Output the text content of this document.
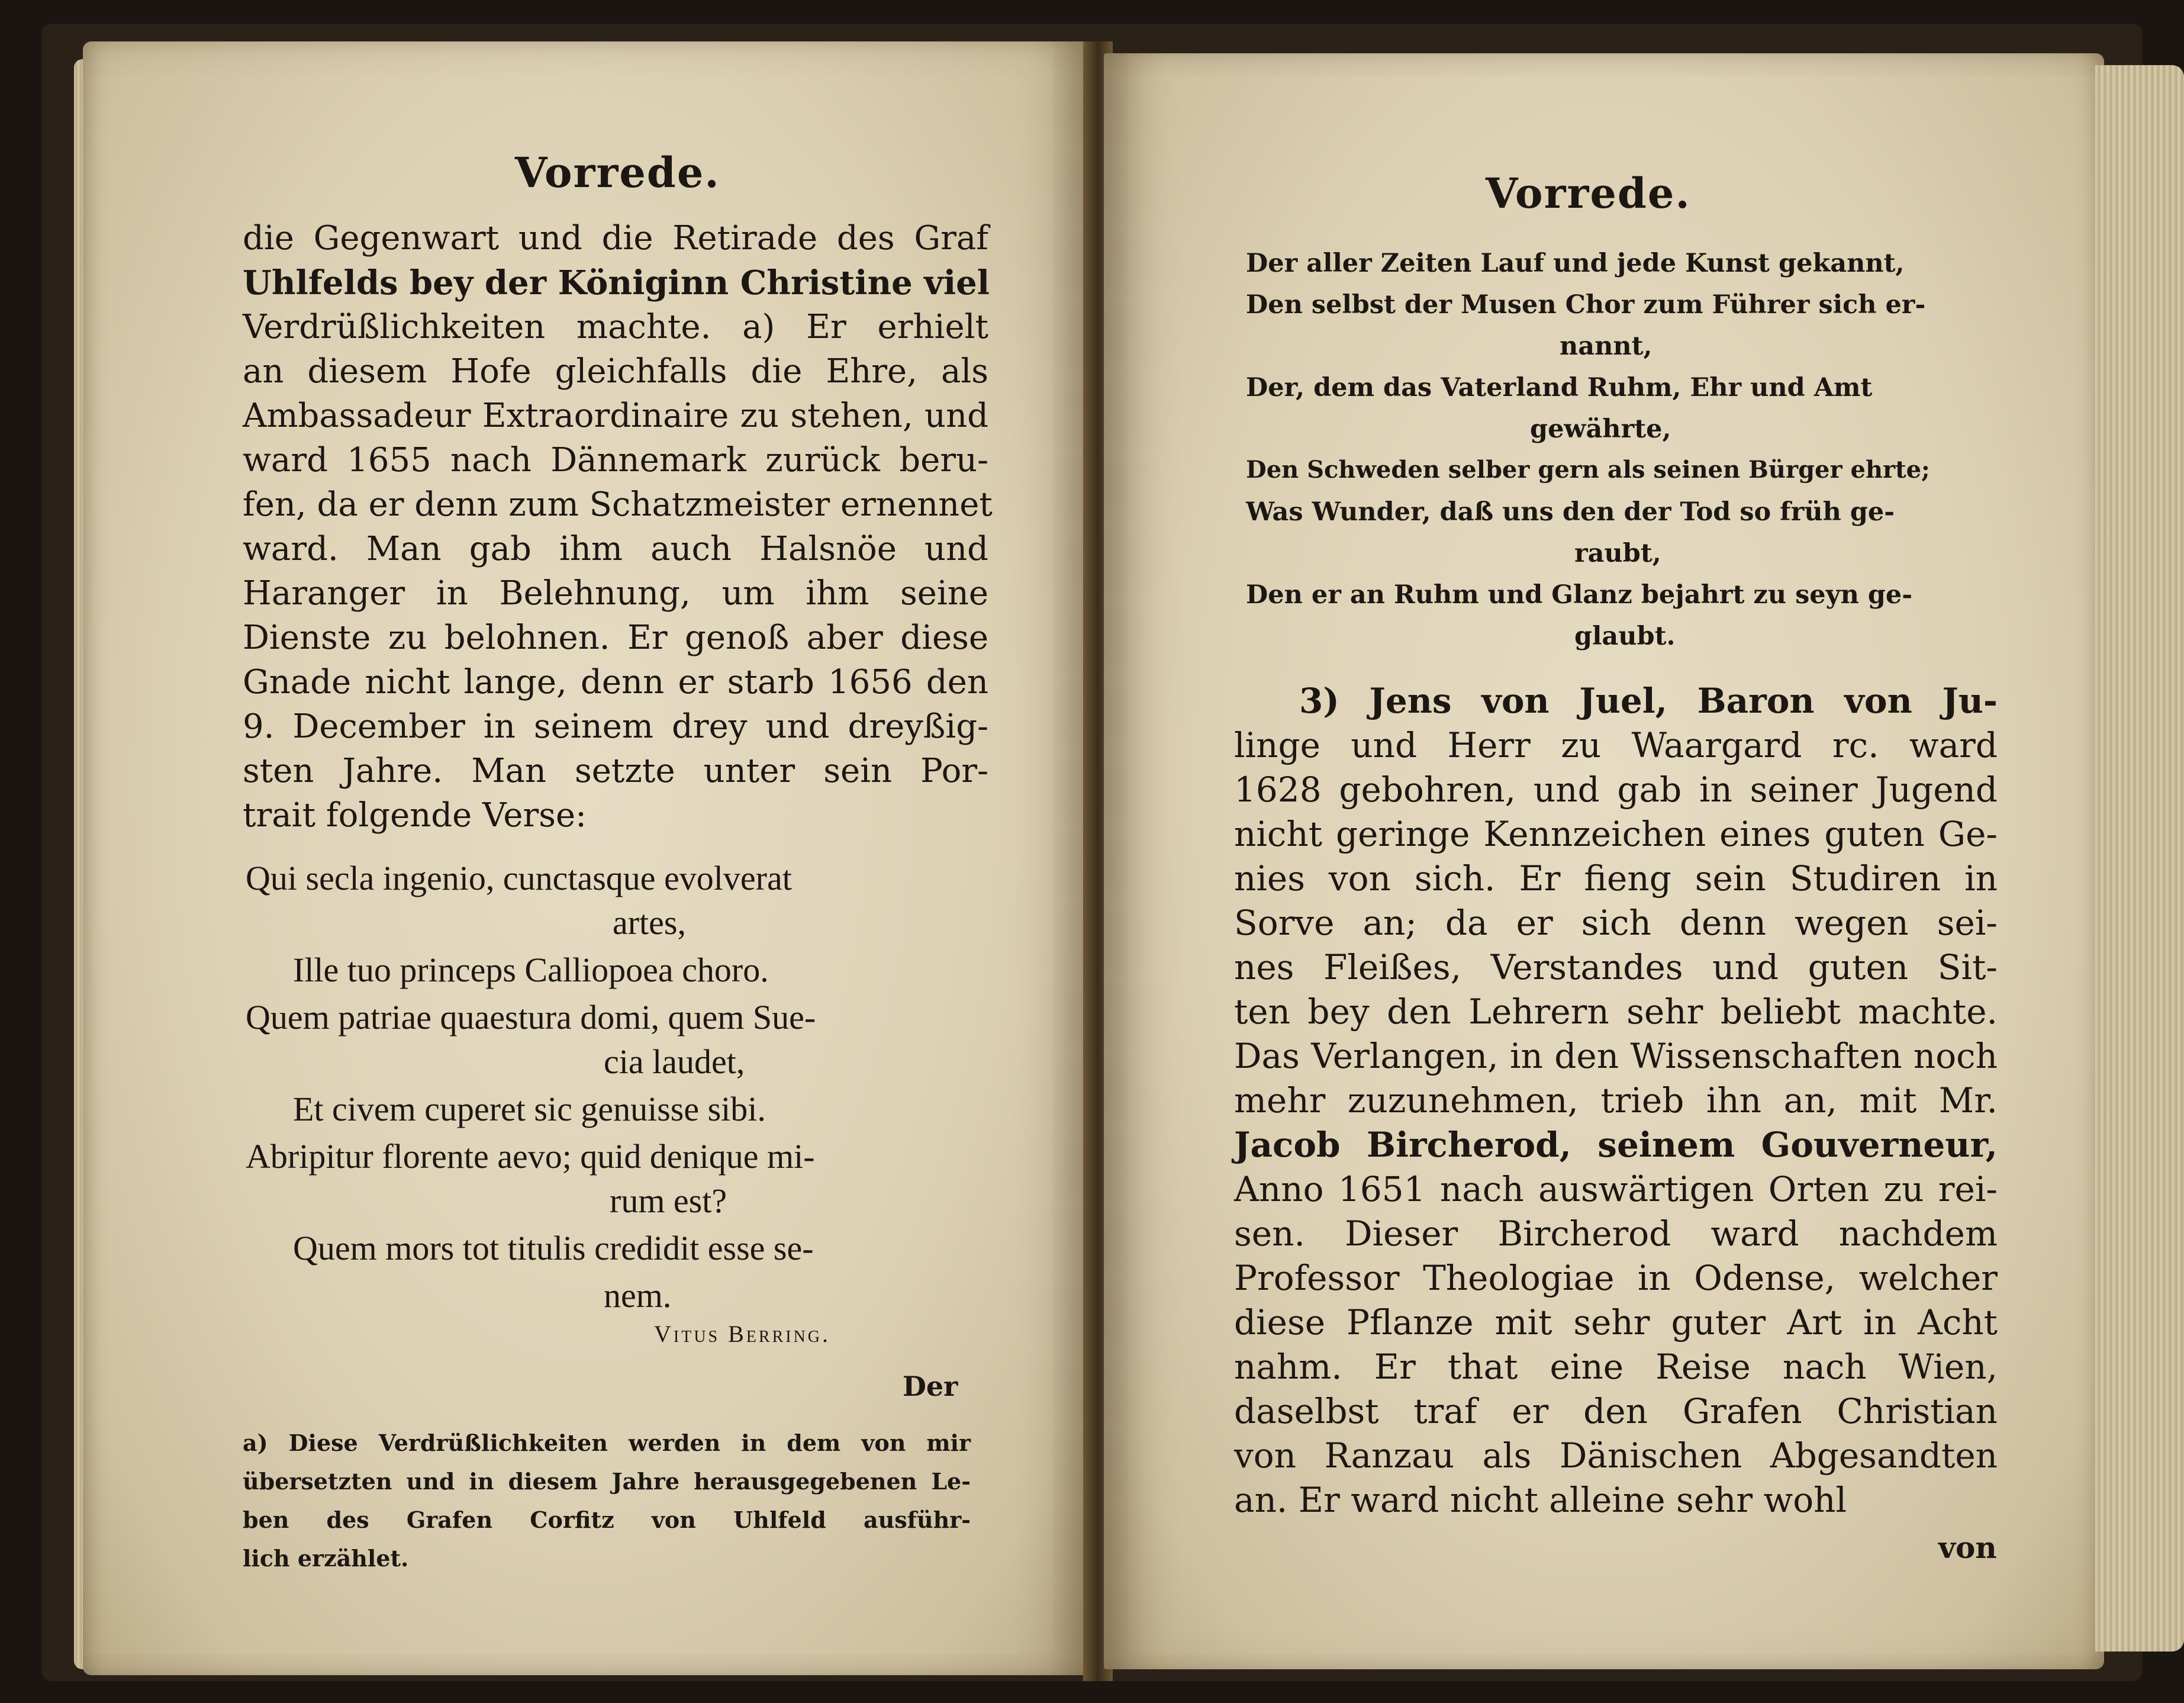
Vorrede.
die Gegenwart und die Retirade des Graf
Uhlfelds bey der Königinn Christine viel
Verdrüßlichkeiten machte. a) Er erhielt
an diesem Hofe gleichfalls die Ehre, als
Ambassadeur Extraordinaire zu stehen, und
ward 1655 nach Dännemark zurück beru-
fen, da er denn zum Schatzmeister ernennet
ward. Man gab ihm auch Halsnöe und
Haranger in Belehnung, um ihm seine
Dienste zu belohnen. Er genoß aber diese
Gnade nicht lange, denn er starb 1656 den
9. December in seinem drey und dreyßig-
sten Jahre. Man setzte unter sein Por-
trait folgende Verse:
Qui secla ingenio, cunctasque evolverat
artes,
Ille tuo princeps Calliopoea choro.
Quem patriae quaestura domi, quem Sue-
cia laudet,
Et civem cuperet sic genuisse sibi.
Abripitur florente aevo; quid denique mi-
rum est?
Quem mors tot titulis credidit esse se-
nem.
Vitus Berring.
Der
a) Diese Verdrüßlichkeiten werden in dem von mir
übersetzten und in diesem Jahre herausgegebenen Le-
ben des Grafen Corfitz von Uhlfeld ausführ-
lich erzählet.
Vorrede.
Der aller Zeiten Lauf und jede Kunst gekannt,
Den selbst der Musen Chor zum Führer sich er-
nannt,
Der, dem das Vaterland Ruhm, Ehr und Amt
gewährte,
Den Schweden selber gern als seinen Bürger ehrte;
Was Wunder, daß uns den der Tod so früh ge-
raubt,
Den er an Ruhm und Glanz bejahrt zu seyn ge-
glaubt.
3) Jens von Juel, Baron von Ju-
linge und Herr zu Waargard rc. ward
1628 gebohren, und gab in seiner Jugend
nicht geringe Kennzeichen eines guten Ge-
nies von sich. Er fieng sein Studiren in
Sorve an; da er sich denn wegen sei-
nes Fleißes, Verstandes und guten Sit-
ten bey den Lehrern sehr beliebt machte.
Das Verlangen, in den Wissenschaften noch
mehr zuzunehmen, trieb ihn an, mit Mr.
Jacob Bircherod, seinem Gouverneur,
Anno 1651 nach auswärtigen Orten zu rei-
sen. Dieser Bircherod ward nachdem
Professor Theologiae in Odense, welcher
diese Pflanze mit sehr guter Art in Acht
nahm. Er that eine Reise nach Wien,
daselbst traf er den Grafen Christian
von Ranzau als Dänischen Abgesandten
an. Er ward nicht alleine sehr wohl
von
